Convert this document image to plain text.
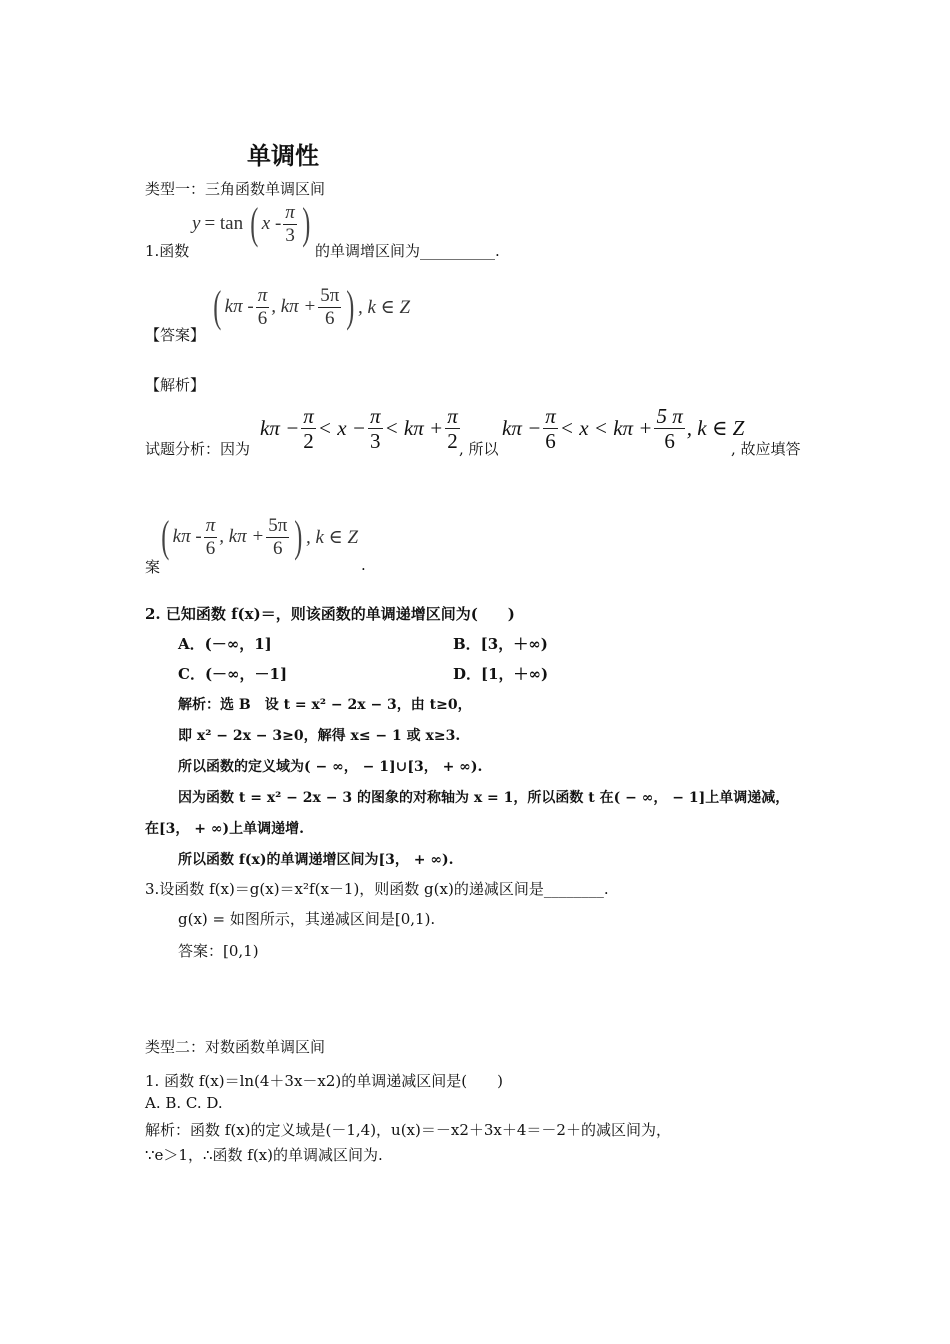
单调性
类型一：三角函数单调区间
1.函数
y = tan ( x - $\frac{\pi}{3}$ )
的单调增区间为__________.
【答案】
( kπ - $\frac{\pi}{6}$ , $k\pi + \frac{5\pi}{6}$ ) , k ∈ Z
【解析】
试题分析：因为
$k\pi - \frac{\pi}{2} < x - \frac{\pi}{3} < k\pi + \frac{\pi}{2}$ , 所以
$k\pi - \frac{\pi}{6} < x < k\pi + \frac{5 \pi}{6}$ , k ∈ Z
, 故应填答
案
( kπ - $\frac{\pi}{6}$ , $k\pi + \frac{5\pi}{6}$ ) , k ∈ Z
.
2. 已知函数 f(x)＝，则该函数的单调递增区间为(　　)
A．(－∞，1]	B．[3，＋∞)
C．(－∞，－1]	D．[1，＋∞)
解析：选 B　设 t = x² − 2x − 3，由 t≥0，
即 x² − 2x − 3≥0，解得 x≤ − 1 或 x≥3.
所以函数的定义域为( − ∞， − 1]∪[3， + ∞).
因为函数 t = x² − 2x − 3 的图象的对称轴为 x = 1，所以函数 t 在( − ∞， − 1]上单调递减，
在[3， + ∞)上单调递增.
所以函数 f(x)的单调递增区间为[3， + ∞).
3.设函数 f(x)＝g(x)＝x²f(x－1)，则函数 g(x)的递减区间是________.
g(x) = 如图所示，其递减区间是[0,1).
答案：[0,1)
类型二：对数函数单调区间
1. 函数 f(x)＝ln(4＋3x－x2)的单调递减区间是(　　)
A. B. C. D.
解析：函数 f(x)的定义域是(－1,4)，u(x)＝－x2＋3x＋4＝－2＋的减区间为，
∵e＞1，∴函数 f(x)的单调减区间为.
